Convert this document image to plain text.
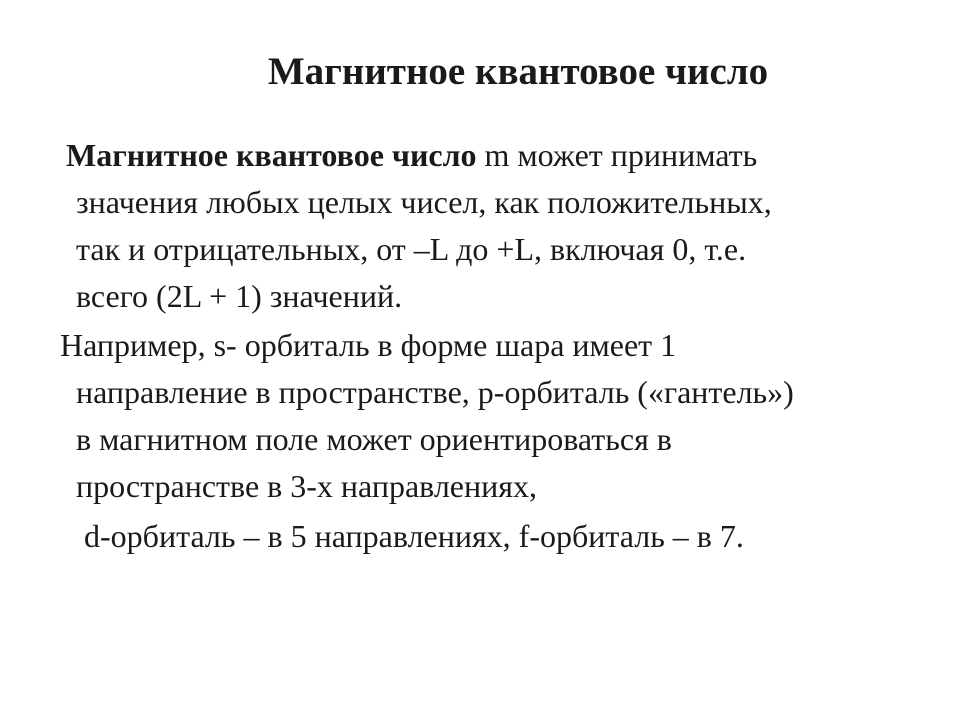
Магнитное квантовое число
Магнитное квантовое число m может принимать
значения любых целых чисел, как положительных,
так и отрицательных, от –L до +L, включая 0, т.е.
всего (2L + 1) значений.
Например, s- орбиталь в форме шара имеет 1
направление в пространстве, р-орбиталь («гантель»)
в магнитном поле может ориентироваться в
пространстве в 3-х направлениях,
d-орбиталь – в 5 направлениях, f-орбиталь – в 7.
